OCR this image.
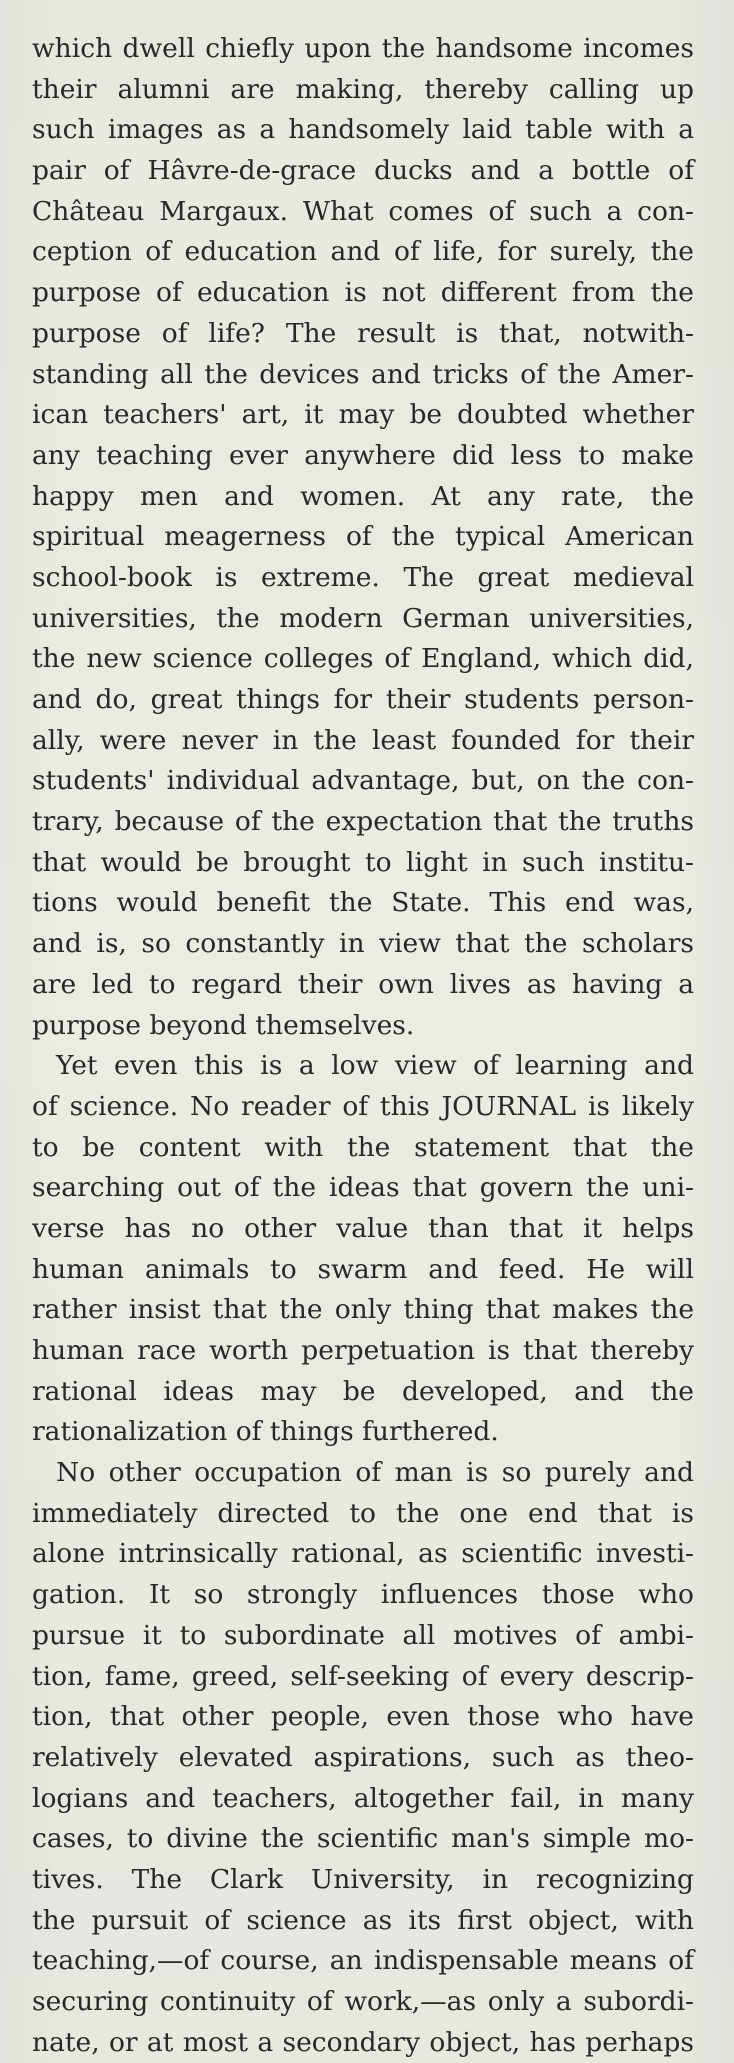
which dwell chiefly upon the handsome incomes
their alumni are making, thereby calling up
such images as a handsomely laid table with a
pair of Hâvre-de-grace ducks and a bottle of
Château Margaux. What comes of such a con-
ception of education and of life, for surely, the
purpose of education is not different from the
purpose of life? The result is that, notwith-
standing all the devices and tricks of the Amer-
ican teachers' art, it may be doubted whether
any teaching ever anywhere did less to make
happy men and women. At any rate, the
spiritual meagerness of the typical American
school-book is extreme. The great medieval
universities, the modern German universities,
the new science colleges of England, which did,
and do, great things for their students person-
ally, were never in the least founded for their
students' individual advantage, but, on the con-
trary, because of the expectation that the truths
that would be brought to light in such institu-
tions would benefit the State. This end was,
and is, so constantly in view that the scholars
are led to regard their own lives as having a
purpose beyond themselves.
Yet even this is a low view of learning and
of science. No reader of this JOURNAL is likely
to be content with the statement that the
searching out of the ideas that govern the uni-
verse has no other value than that it helps
human animals to swarm and feed. He will
rather insist that the only thing that makes the
human race worth perpetuation is that thereby
rational ideas may be developed, and the
rationalization of things furthered.
No other occupation of man is so purely and
immediately directed to the one end that is
alone intrinsically rational, as scientific investi-
gation. It so strongly influences those who
pursue it to subordinate all motives of ambi-
tion, fame, greed, self-seeking of every descrip-
tion, that other people, even those who have
relatively elevated aspirations, such as theo-
logians and teachers, altogether fail, in many
cases, to divine the scientific man's simple mo-
tives. The Clark University, in recognizing
the pursuit of science as its first object, with
teaching,—of course, an indispensable means of
securing continuity of work,—as only a subordi-
nate, or at most a secondary object, has perhaps
